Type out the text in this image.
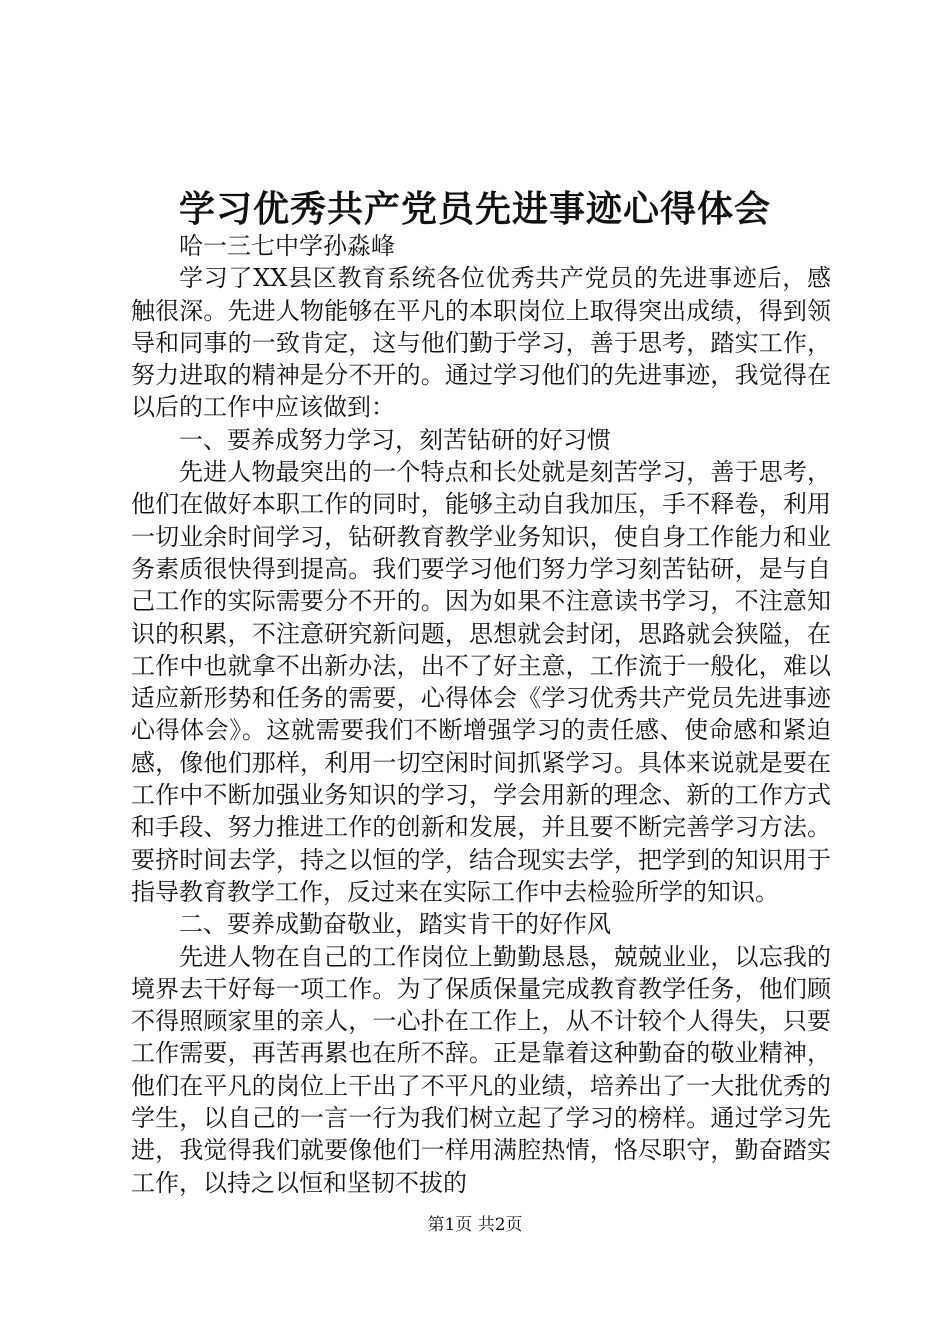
学习优秀共产党员先进事迹心得体会

哈一三七中学孙淼峰

学习了XX县区教育系统各位优秀共产党员的先进事迹后，感触很深。先进人物能够在平凡的本职岗位上取得突出成绩，得到领导和同事的一致肯定，这与他们勤于学习，善于思考，踏实工作，努力进取的精神是分不开的。通过学习他们的先进事迹，我觉得在以后的工作中应该做到：

一、要养成努力学习，刻苦钻研的好习惯

先进人物最突出的一个特点和长处就是刻苦学习，善于思考，他们在做好本职工作的同时，能够主动自我加压，手不释卷，利用一切业余时间学习，钻研教育教学业务知识，使自身工作能力和业务素质很快得到提高。我们要学习他们努力学习刻苦钻研，是与自己工作的实际需要分不开的。因为如果不注意读书学习，不注意知识的积累，不注意研究新问题，思想就会封闭，思路就会狭隘，在工作中也就拿不出新办法，出不了好主意，工作流于一般化，难以适应新形势和任务的需要，心得体会《学习优秀共产党员先进事迹心得体会》。这就需要我们不断增强学习的责任感、使命感和紧迫感，像他们那样，利用一切空闲时间抓紧学习。具体来说就是要在工作中不断加强业务知识的学习，学会用新的理念、新的工作方式和手段、努力推进工作的创新和发展，并且要不断完善学习方法。要挤时间去学，持之以恒的学，结合现实去学，把学到的知识用于指导教育教学工作，反过来在实际工作中去检验所学的知识。

二、要养成勤奋敬业，踏实肯干的好作风

先进人物在自己的工作岗位上勤勤恳恳，兢兢业业，以忘我的境界去干好每一项工作。为了保质保量完成教育教学任务，他们顾不得照顾家里的亲人，一心扑在工作上，从不计较个人得失，只要工作需要，再苦再累也在所不辞。正是靠着这种勤奋的敬业精神，他们在平凡的岗位上干出了不平凡的业绩，培养出了一大批优秀的学生，以自己的一言一行为我们树立起了学习的榜样。通过学习先进，我觉得我们就要像他们一样用满腔热情，恪尽职守，勤奋踏实工作，以持之以恒和坚韧不拔的

第1页 共2页
